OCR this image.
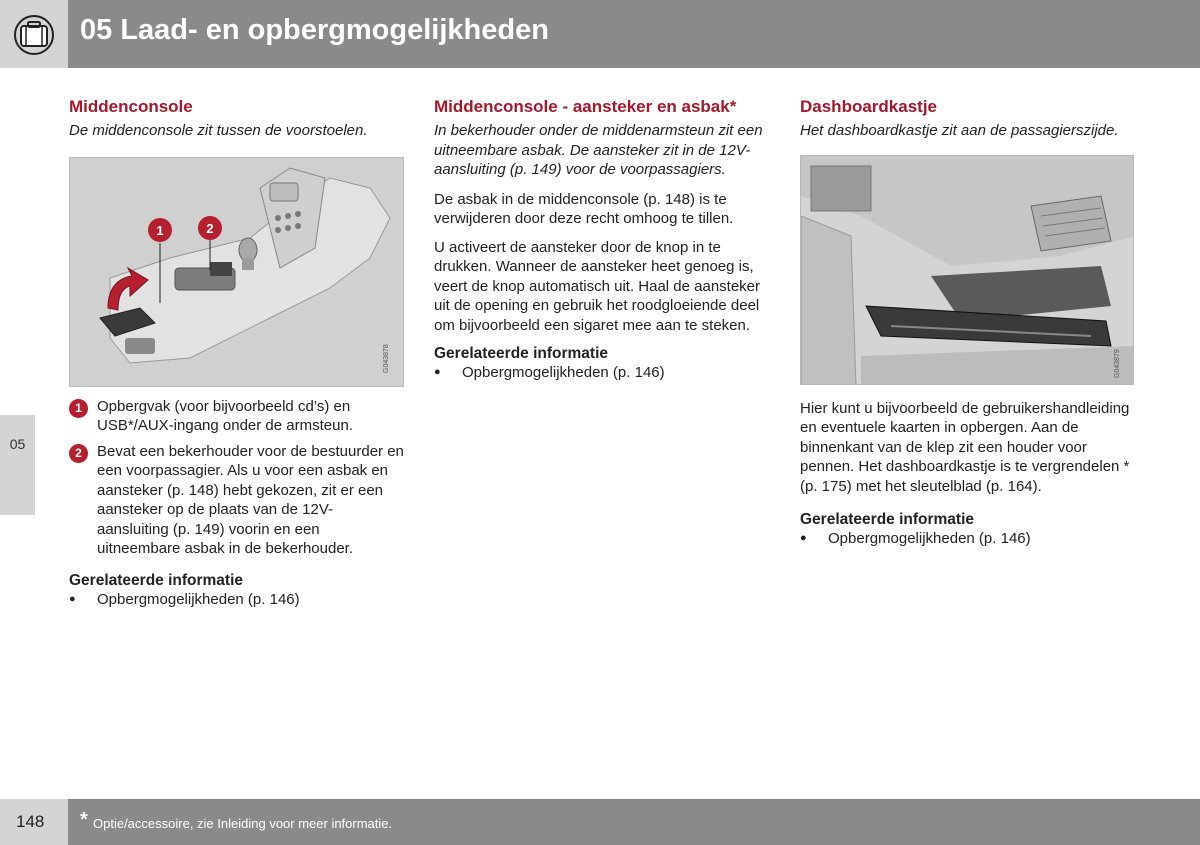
05 Laad- en opbergmogelijkheden
05
Middenconsole
De middenconsole zit tussen de voorstoelen.
1	2
G043878
1	Opbergvak (voor bijvoorbeeld cd’s) en USB*/AUX-ingang onder de armsteun.
2	Bevat een bekerhouder voor de bestuurder en een voorpassagier. Als u voor een asbak en aansteker (p. 148) hebt gekozen, zit er een aansteker op de plaats van de 12V-aansluiting (p. 149) voorin en een uitneembare asbak in de bekerhouder.
Gerelateerde informatie
● Opbergmogelijkheden (p. 146)
Middenconsole - aansteker en asbak*
In bekerhouder onder de middenarmsteun zit een uitneembare asbak. De aansteker zit in de 12V-aansluiting (p. 149) voor de voorpassagiers.

De asbak in de middenconsole (p. 148) is te verwijderen door deze recht omhoog te tillen.

U activeert de aansteker door de knop in te drukken. Wanneer de aansteker heet genoeg is, veert de knop automatisch uit. Haal de aansteker uit de opening en gebruik het roodgloeiende deel om bijvoorbeeld een sigaret mee aan te steken.

Gerelateerde informatie
● Opbergmogelijkheden (p. 146)
Dashboardkastje
Het dashboardkastje zit aan de passagierszijde.
G043879

Hier kunt u bijvoorbeeld de gebruikershandleiding en eventuele kaarten in opbergen. Aan de binnenkant van de klep zit een houder voor pennen. Het dashboardkastje is te vergrendelen * (p. 175) met het sleutelblad (p. 164).

Gerelateerde informatie
● Opbergmogelijkheden (p. 146)
148 * Optie/accessoire, zie Inleiding voor meer informatie.
